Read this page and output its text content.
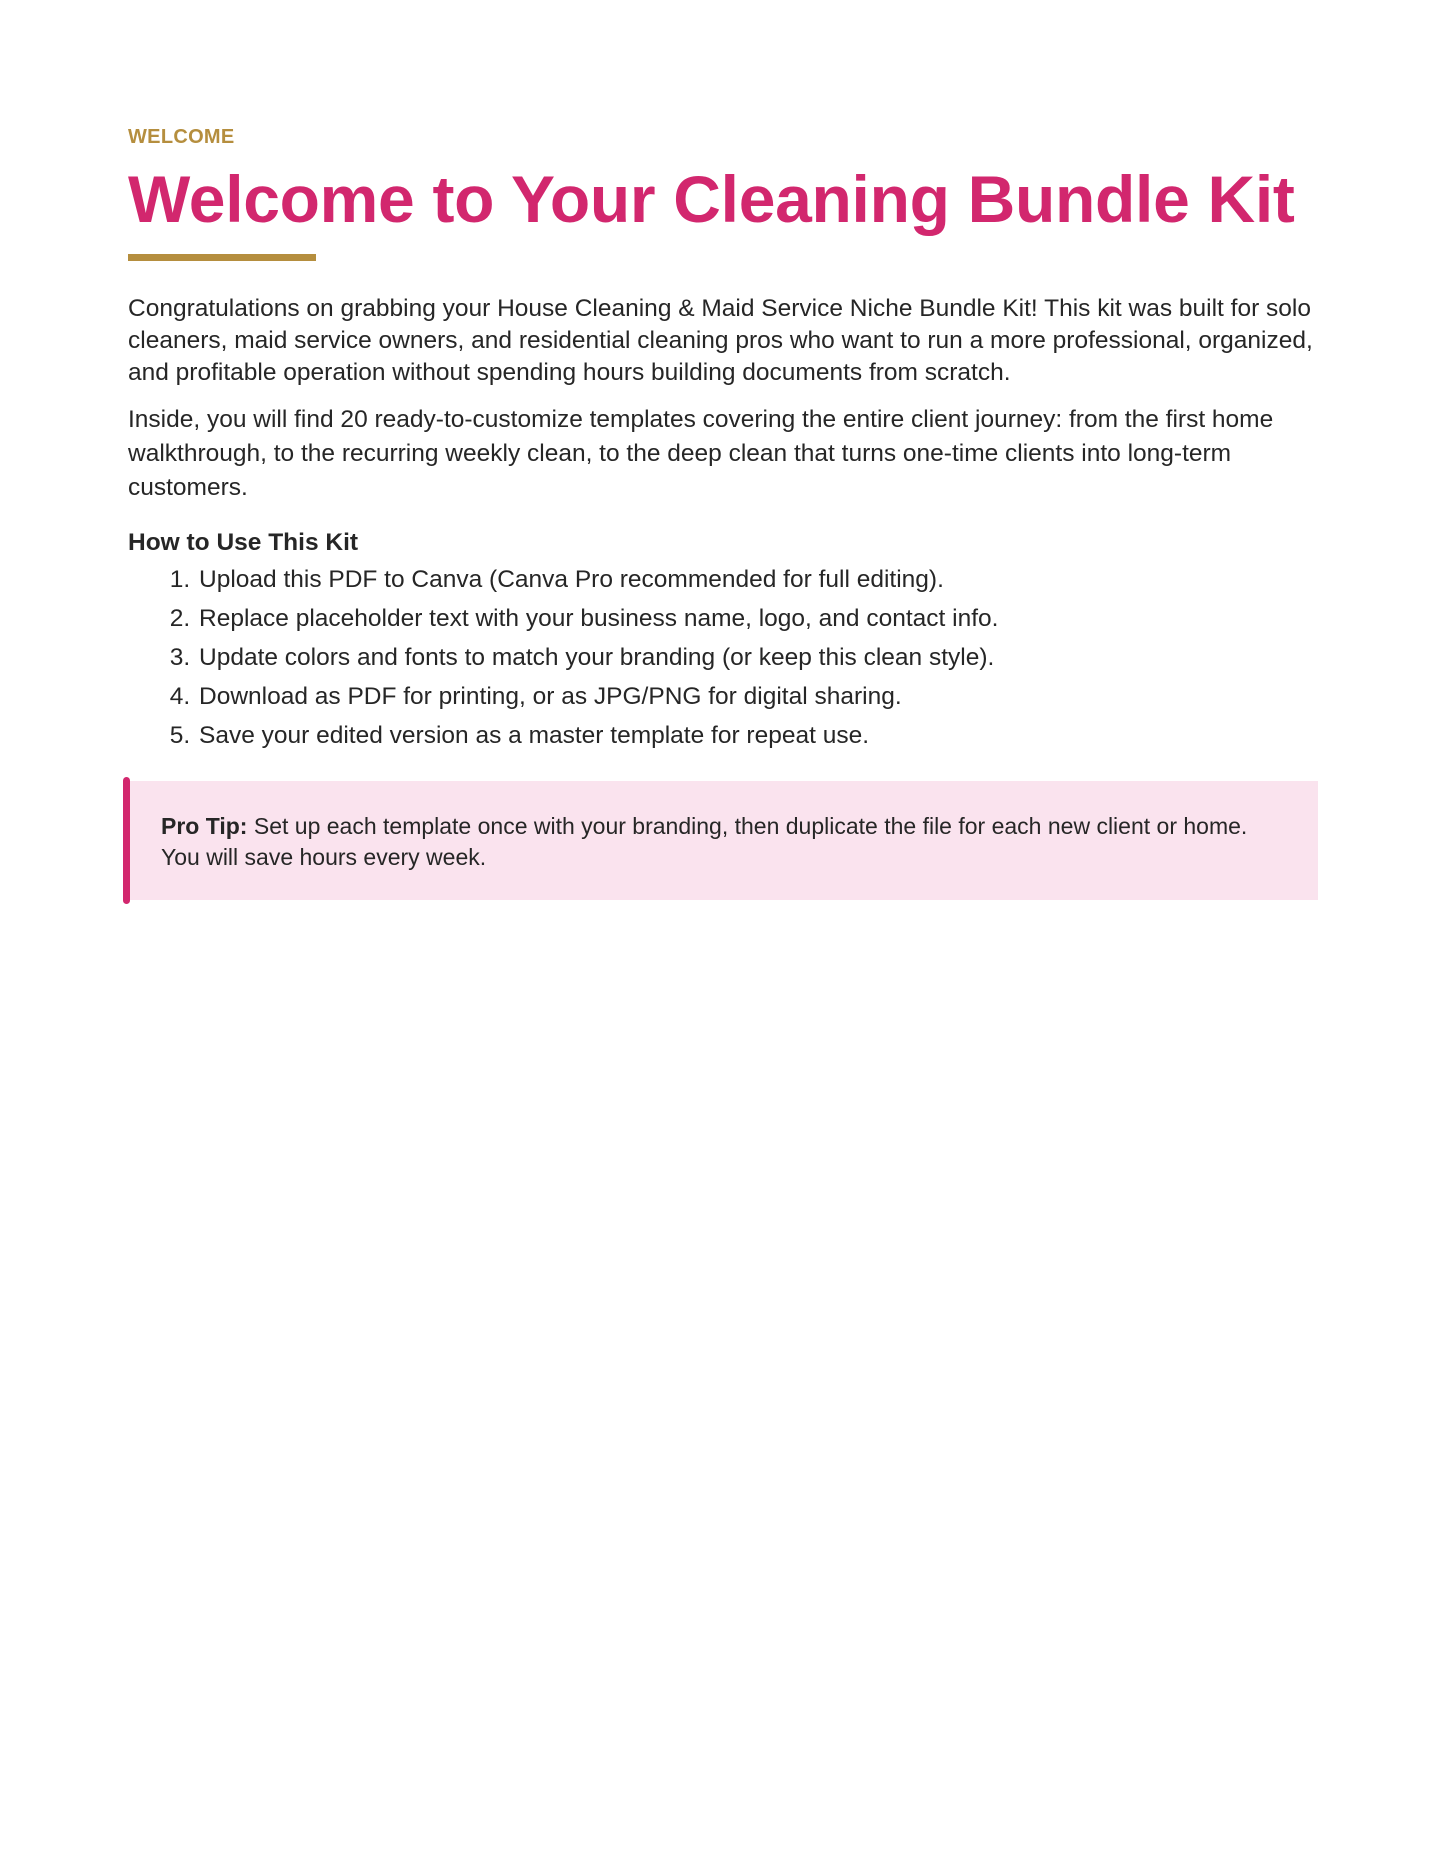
WELCOME

Welcome to Your Cleaning Bundle Kit

Congratulations on grabbing your House Cleaning & Maid Service Niche Bundle Kit! This kit was built for solo cleaners, maid service owners, and residential cleaning pros who want to run a more professional, organized, and profitable operation without spending hours building documents from scratch.

Inside, you will find 20 ready-to-customize templates covering the entire client journey: from the first home walkthrough, to the recurring weekly clean, to the deep clean that turns one-time clients into long-term customers.

How to Use This Kit
1. Upload this PDF to Canva (Canva Pro recommended for full editing).
2. Replace placeholder text with your business name, logo, and contact info.
3. Update colors and fonts to match your branding (or keep this clean style).
4. Download as PDF for printing, or as JPG/PNG for digital sharing.
5. Save your edited version as a master template for repeat use.

Pro Tip: Set up each template once with your branding, then duplicate the file for each new client or home. You will save hours every week.
